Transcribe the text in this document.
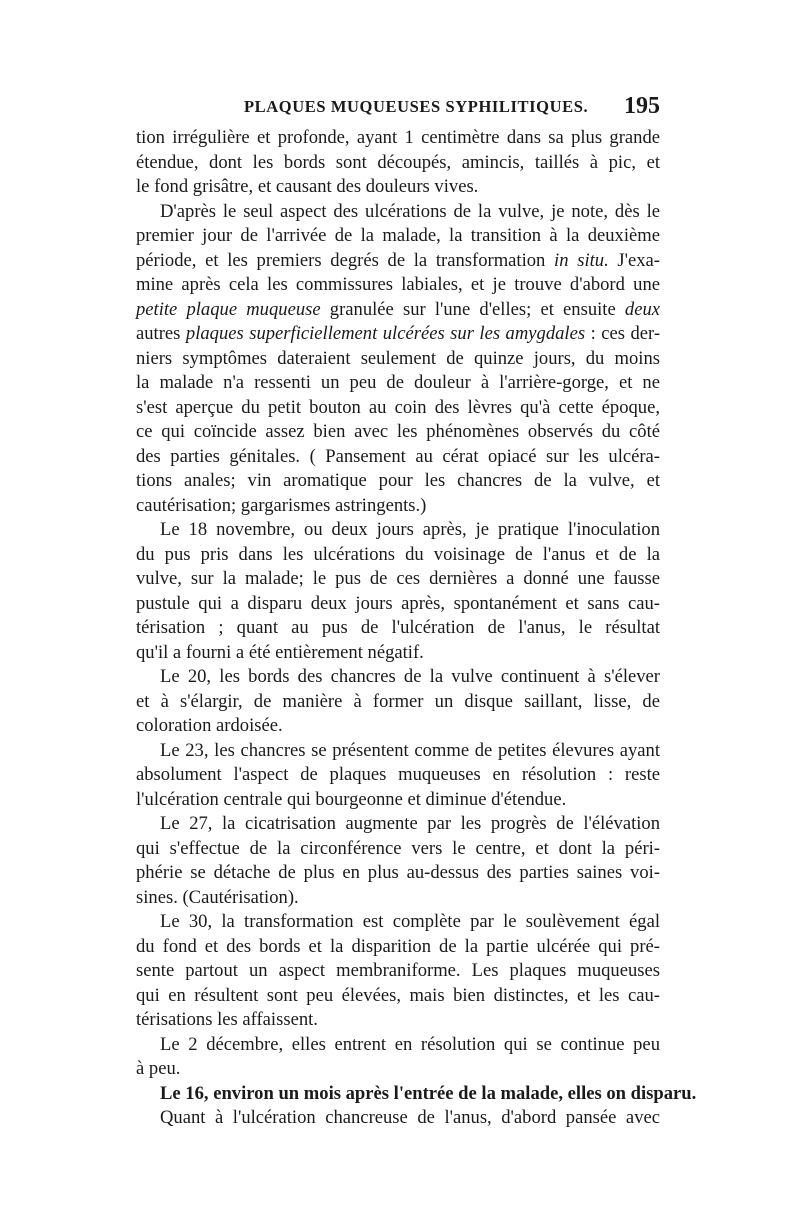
PLAQUES MUQUEUSES SYPHILITIQUES. 195
tion irrégulière et profonde, ayant 1 centimètre dans sa plus grande
étendue, dont les bords sont découpés, amincis, taillés à pic, et
le fond grisâtre, et causant des douleurs vives.
D'après le seul aspect des ulcérations de la vulve, je note, dès le
premier jour de l'arrivée de la malade, la transition à la deuxième
période, et les premiers degrés de la transformation in situ. J'exa-
mine après cela les commissures labiales, et je trouve d'abord une
petite plaque muqueuse granulée sur l'une d'elles; et ensuite deux
autres plaques superficiellement ulcérées sur les amygdales : ces der-
niers symptômes dateraient seulement de quinze jours, du moins
la malade n'a ressenti un peu de douleur à l'arrière-gorge, et ne
s'est aperçue du petit bouton au coin des lèvres qu'à cette époque,
ce qui coïncide assez bien avec les phénomènes observés du côté
des parties génitales. ( Pansement au cérat opiacé sur les ulcéra-
tions anales; vin aromatique pour les chancres de la vulve, et
cautérisation; gargarismes astringents.)
Le 18 novembre, ou deux jours après, je pratique l'inoculation
du pus pris dans les ulcérations du voisinage de l'anus et de la
vulve, sur la malade; le pus de ces dernières a donné une fausse
pustule qui a disparu deux jours après, spontanément et sans cau-
térisation ; quant au pus de l'ulcération de l'anus, le résultat
qu'il a fourni a été entièrement négatif.
Le 20, les bords des chancres de la vulve continuent à s'élever
et à s'élargir, de manière à former un disque saillant, lisse, de
coloration ardoisée.
Le 23, les chancres se présentent comme de petites élevures ayant
absolument l'aspect de plaques muqueuses en résolution : reste
l'ulcération centrale qui bourgeonne et diminue d'étendue.
Le 27, la cicatrisation augmente par les progrès de l'élévation
qui s'effectue de la circonférence vers le centre, et dont la péri-
phérie se détache de plus en plus au-dessus des parties saines voi-
sines. (Cautérisation).
Le 30, la transformation est complète par le soulèvement égal
du fond et des bords et la disparition de la partie ulcérée qui pré-
sente partout un aspect membraniforme. Les plaques muqueuses
qui en résultent sont peu élevées, mais bien distinctes, et les cau-
térisations les affaissent.
Le 2 décembre, elles entrent en résolution qui se continue peu
à peu.
Le 16, environ un mois après l'entrée de la malade, elles on disparu.
Quant à l'ulcération chancreuse de l'anus, d'abord pansée avec
